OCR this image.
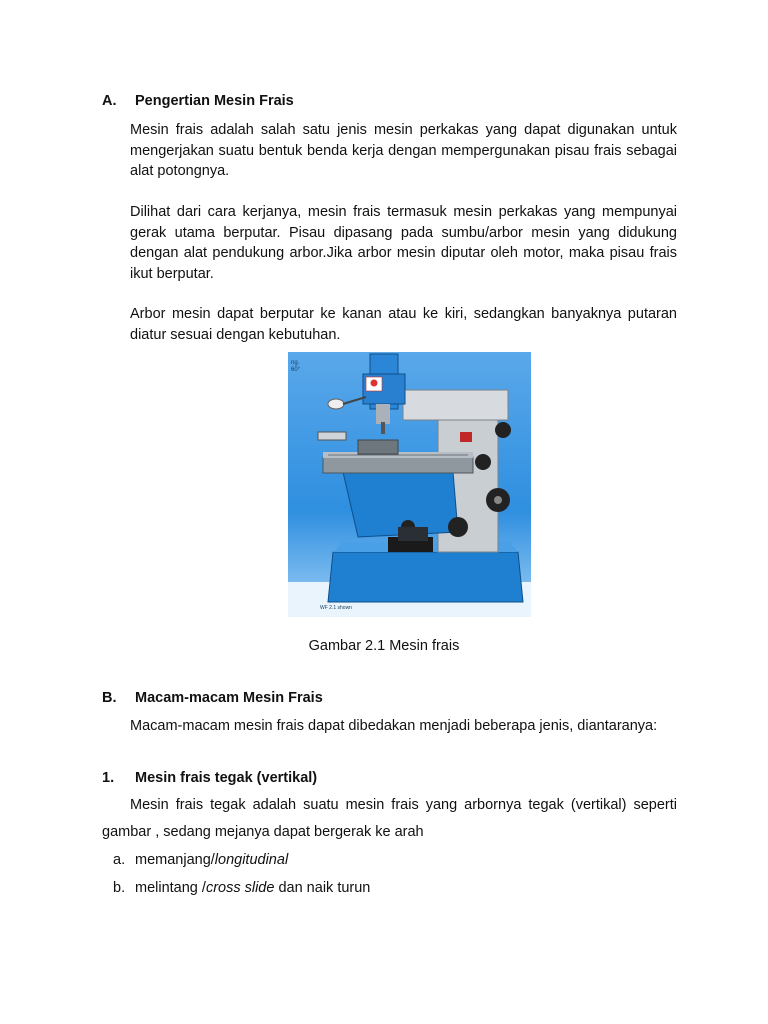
A. Pengertian Mesin Frais
Mesin frais adalah salah satu jenis mesin perkakas yang dapat digunakan untuk mengerjakan suatu bentuk benda kerja dengan mempergunakan pisau frais sebagai alat potongnya.
Dilihat dari cara kerjanya, mesin frais termasuk mesin perkakas yang mempunyai gerak utama berputar. Pisau dipasang pada sumbu/arbor mesin yang didukung dengan alat pendukung arbor.Jika arbor mesin diputar oleh motor, maka pisau frais ikut berputar.
Arbor mesin dapat berputar ke kanan atau ke kiri, sedangkan banyaknya putaran diatur sesuai dengan kebutuhan.
ng.
60°
WF 2.1 shown
Gambar 2.1 Mesin frais
B. Macam-macam Mesin Frais
Macam-macam mesin frais dapat dibedakan menjadi beberapa jenis, diantaranya:
1. Mesin frais tegak (vertikal)
Mesin frais tegak adalah suatu mesin frais yang arbornya tegak (vertikal) seperti gambar , sedang mejanya dapat bergerak ke arah
a. memanjang/longitudinal
b. melintang /cross slide dan naik turun
